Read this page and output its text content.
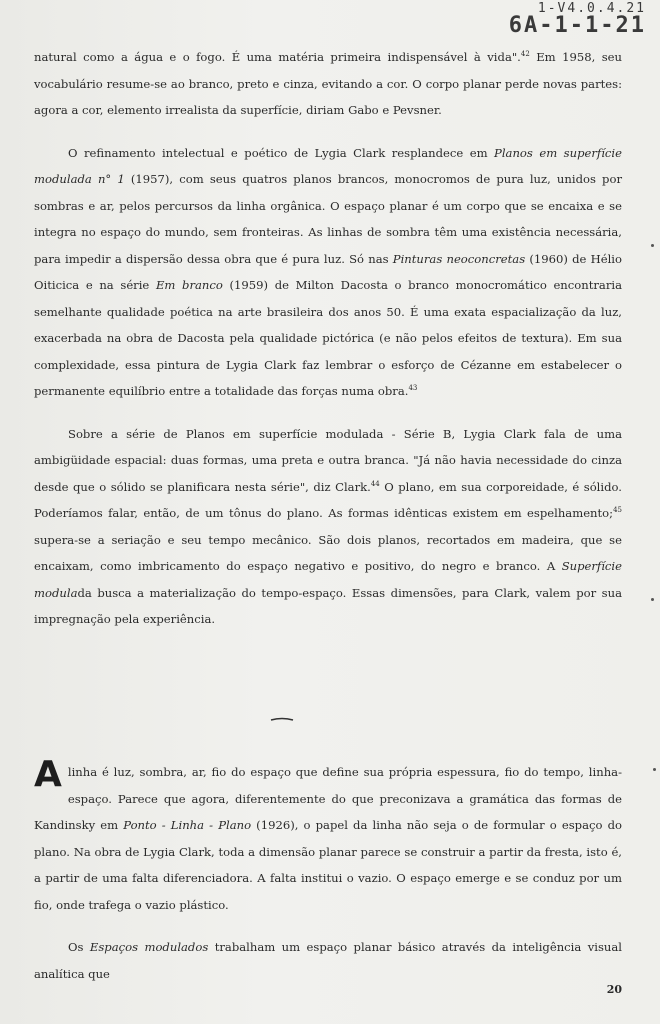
1-V4.0.4.21
6A-1-1-21

natural como a água e o fogo. É uma matéria primeira indispensável à vida".$^{42}$ Em 1958, seu vocabulário resume-se ao branco, preto e cinza, evitando a cor. O corpo planar perde novas partes: agora a cor, elemento irrealista da superfície, diriam Gabo e Pevsner.

O refinamento intelectual e poético de Lygia Clark resplandece em Planos em superfície modulada n° 1 (1957), com seus quatros planos brancos, monocromos de pura luz, unidos por sombras e ar, pelos percursos da linha orgânica. O espaço planar é um corpo que se encaixa e se integra no espaço do mundo, sem fronteiras. As linhas de sombra têm uma existência necessária, para impedir a dispersão dessa obra que é pura luz. Só nas Pinturas neoconcretas (1960) de Hélio Oiticica e na série Em branco (1959) de Milton Dacosta o branco monocromático encontraria semelhante qualidade poética na arte brasileira dos anos 50. É uma exata espacialização da luz, exacerbada na obra de Dacosta pela qualidade pictórica (e não pelos efeitos de textura). Em sua complexidade, essa pintura de Lygia Clark faz lembrar o esforço de Cézanne em estabelecer o permanente equilíbrio entre a totalidade das forças numa obra.$^{43}$

Sobre a série de Planos em superfície modulada - Série B, Lygia Clark fala de uma ambigüidade espacial: duas formas, uma preta e outra branca. "Já não havia necessidade do cinza desde que o sólido se planificara nesta série", diz Clark.$^{44}$ O plano, em sua corporeidade, é sólido. Poderíamos falar, então, de um tônus do plano. As formas idênticas existem em espelhamento;$^{45}$ supera-se a seriação e seu tempo mecânico. São dois planos, recortados em madeira, que se encaixam, como imbricamento do espaço negativo e positivo, do negro e branco. A Superfície modulada busca a materialização do tempo-espaço. Essas dimensões, para Clark, valem por sua impregnação pela experiência.

A linha é luz, sombra, ar, fio do espaço que define sua própria espessura, fio do tempo, linha-espaço. Parece que agora, diferentemente do que preconizava a gramática das formas de Kandinsky em Ponto - Linha - Plano (1926), o papel da linha não seja o de formular o espaço do plano. Na obra de Lygia Clark, toda a dimensão planar parece se construir a partir da fresta, isto é, a partir de uma falta diferenciadora. A falta institui o vazio. O espaço emerge e se conduz por um fio, onde trafega o vazio plástico.

Os Espaços modulados trabalham um espaço planar básico através da inteligência visual analítica que

20
